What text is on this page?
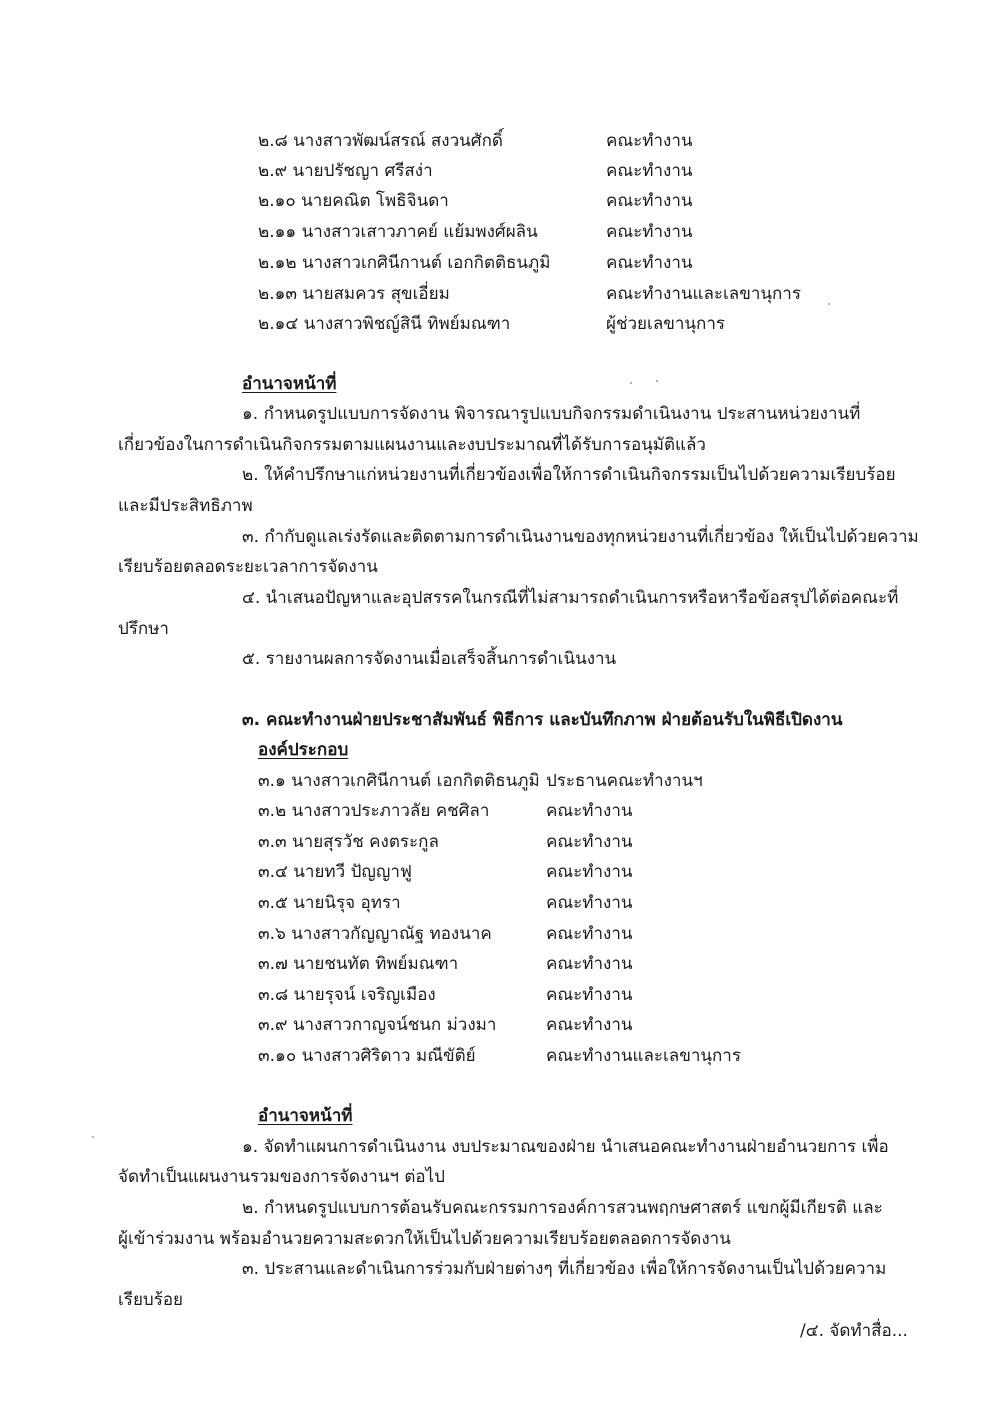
๒.๘ นางสาวพัฒน์สรณ์ สงวนศักดิ์	คณะทำงาน
๒.๙ นายปรัชญา ศรีสง่า	คณะทำงาน
๒.๑๐ นายคณิต โพธิจินดา	คณะทำงาน
๒.๑๑ นางสาวเสาวภาคย์ แย้มพงศ์ผลิน	คณะทำงาน
๒.๑๒ นางสาวเกศินีกานต์ เอกกิตติธนภูมิ	คณะทำงาน
๒.๑๓ นายสมควร สุขเอี่ยม	คณะทำงานและเลขานุการ
๒.๑๔ นางสาวพิชญ์สินี ทิพย์มณฑา	ผู้ช่วยเลขานุการ
อำนาจหน้าที่
๑. กำหนดรูปแบบการจัดงาน พิจารณารูปแบบกิจกรรมดำเนินงาน ประสานหน่วยงานที่
เกี่ยวข้องในการดำเนินกิจกรรมตามแผนงานและงบประมาณที่ได้รับการอนุมัติแล้ว
๒. ให้คำปรึกษาแก่หน่วยงานที่เกี่ยวข้องเพื่อให้การดำเนินกิจกรรมเป็นไปด้วยความเรียบร้อย
และมีประสิทธิภาพ
๓. กำกับดูแลเร่งรัดและติดตามการดำเนินงานของทุกหน่วยงานที่เกี่ยวข้อง ให้เป็นไปด้วยความ
เรียบร้อยตลอดระยะเวลาการจัดงาน
๔. นำเสนอปัญหาและอุปสรรคในกรณีที่ไม่สามารถดำเนินการหรือหารือข้อสรุปได้ต่อคณะที่
ปรึกษา
๕. รายงานผลการจัดงานเมื่อเสร็จสิ้นการดำเนินงาน
๓. คณะทำงานฝ่ายประชาสัมพันธ์ พิธีการ และบันทึกภาพ ฝ่ายต้อนรับในพิธีเปิดงาน
องค์ประกอบ
๓.๑ นางสาวเกศินีกานต์ เอกกิตติธนภูมิ ประธานคณะทำงานฯ
๓.๒ นางสาวประภาวลัย คชศิลา	คณะทำงาน
๓.๓ นายสุรวัช คงตระกูล	คณะทำงาน
๓.๔ นายทวี ปัญญาฟู	คณะทำงาน
๓.๕ นายนิรุจ อุทรา	คณะทำงาน
๓.๖ นางสาวกัญญาณัฐ ทองนาค	คณะทำงาน
๓.๗ นายชนทัต ทิพย์มณฑา	คณะทำงาน
๓.๘ นายรุจน์ เจริญเมือง	คณะทำงาน
๓.๙ นางสาวกาญจน์ชนก ม่วงมา	คณะทำงาน
๓.๑๐ นางสาวศิริดาว มณีขัติย์	คณะทำงานและเลขานุการ
อำนาจหน้าที่
๑. จัดทำแผนการดำเนินงาน งบประมาณของฝ่าย นำเสนอคณะทำงานฝ่ายอำนวยการ เพื่อ
จัดทำเป็นแผนงานรวมของการจัดงานฯ ต่อไป
๒. กำหนดรูปแบบการต้อนรับคณะกรรมการองค์การสวนพฤกษศาสตร์ แขกผู้มีเกียรติ และ
ผู้เข้าร่วมงาน พร้อมอำนวยความสะดวกให้เป็นไปด้วยความเรียบร้อยตลอดการจัดงาน
๓. ประสานและดำเนินการร่วมกับฝ่ายต่างๆ ที่เกี่ยวข้อง เพื่อให้การจัดงานเป็นไปด้วยความ
เรียบร้อย
/๔. จัดทำสื่อ...
